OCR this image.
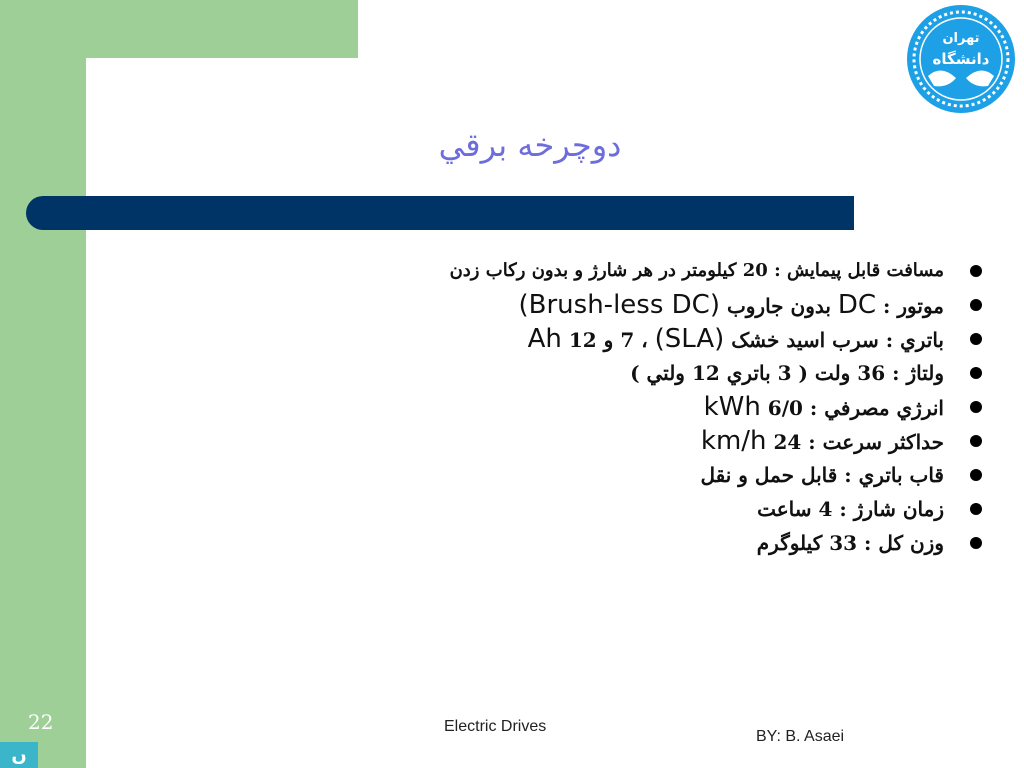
تهران
دانشگاه
دوچرخه برقي
مسافت قابل پيمايش : 20 کيلومتر در هر شارژ و بدون رکاب زدن
موتور : DC بدون جاروب (Brush-less DC)
باتري : سرب اسيد خشک (SLA) ، 7 و 12 Ah
ولتاژ : 36 ولت ( 3 باتري 12 ولتي )
انرژي مصرفي : 6/0 kWh
حداکثر سرعت : 24 km/h
قاب باتري : قابل حمل و نقل
زمان شارژ : 4 ساعت
وزن کل : 33 کيلوگرم
22
ں
Electric Drives
BY: B. Asaei
